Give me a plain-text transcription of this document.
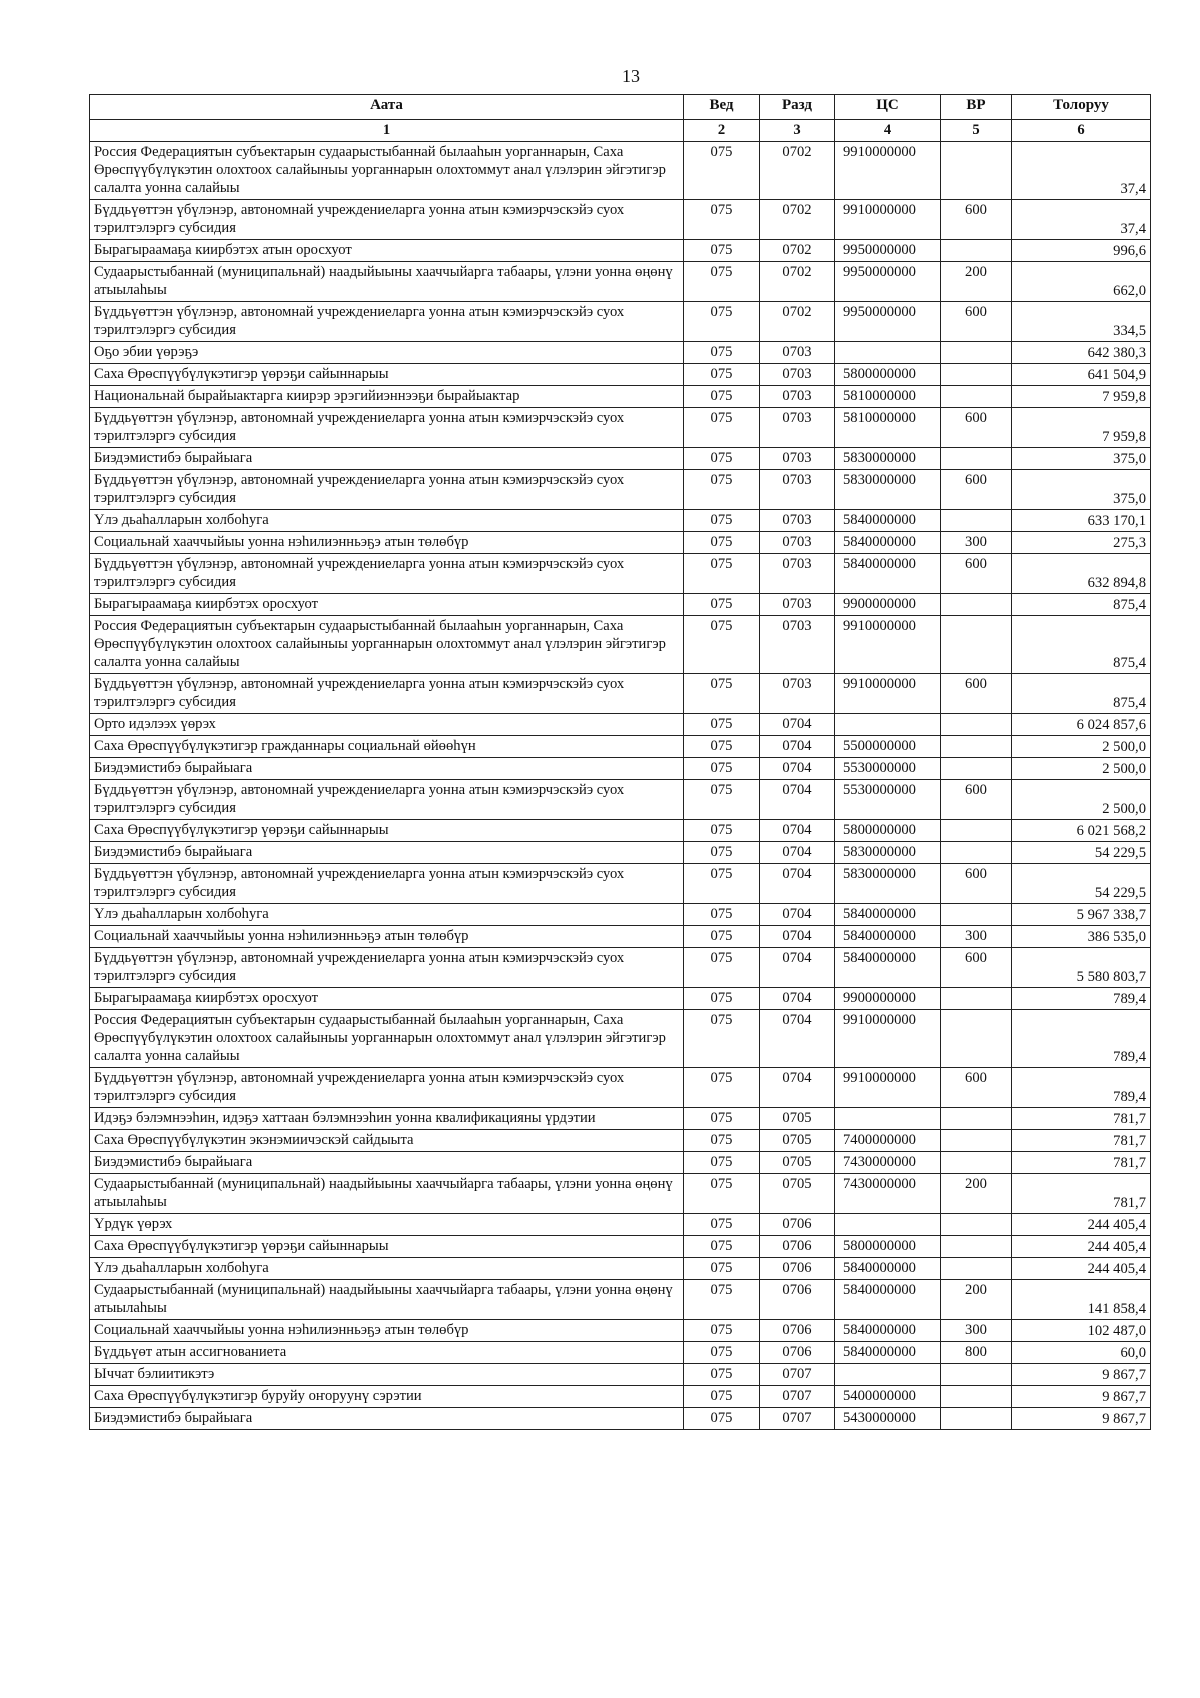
13
Аата	Вед	Разд	ЦС	ВР	Толоруу
1	2	3	4	5	6
Россия Федерациятын субъектарын судаарыстыбаннай былааһын уорганнарын, Саха Өрөспүүбүлүкэтин олохтоох салайыныы уорганнарын олохтоммут анал үлэлэрин эйгэтигэр салалта уонна салайыы	075	0702	9910000000		37,4
Бүддьүөттэн үбүлэнэр, автономнай учреждениеларга уонна атын кэмиэрчэскэйэ суох тэрилтэлэргэ субсидия	075	0702	9910000000	600	37,4
Бырагыраамаҕа киирбэтэх атын оросхуот	075	0702	9950000000		996,6
Судаарыстыбаннай (муниципальнай) наадыйыыны хааччыйарга табаары, үлэни уонна өңөнү атыылаһыы	075	0702	9950000000	200	662,0
Бүддьүөттэн үбүлэнэр, автономнай учреждениеларга уонна атын кэмиэрчэскэйэ суох тэрилтэлэргэ субсидия	075	0702	9950000000	600	334,5
Оҕо эбии үөрэҕэ	075	0703			642 380,3
Саха Өрөспүүбүлүкэтигэр үөрэҕи сайыннарыы	075	0703	5800000000		641 504,9
Национальнай бырайыактарга киирэр эрэгийиэннээҕи бырайыактар	075	0703	5810000000		7 959,8
Бүддьүөттэн үбүлэнэр, автономнай учреждениеларга уонна атын кэмиэрчэскэйэ суох тэрилтэлэргэ субсидия	075	0703	5810000000	600	7 959,8
Биэдэмистибэ бырайыага	075	0703	5830000000		375,0
Бүддьүөттэн үбүлэнэр, автономнай учреждениеларга уонна атын кэмиэрчэскэйэ суох тэрилтэлэргэ субсидия	075	0703	5830000000	600	375,0
Үлэ дьаһалларын холбоһуга	075	0703	5840000000		633 170,1
Социальнай хааччыйыы уонна нэһилиэнньэҕэ атын төлөбүр	075	0703	5840000000	300	275,3
Бүддьүөттэн үбүлэнэр, автономнай учреждениеларга уонна атын кэмиэрчэскэйэ суох тэрилтэлэргэ субсидия	075	0703	5840000000	600	632 894,8
Бырагыраамаҕа киирбэтэх оросхуот	075	0703	9900000000		875,4
Россия Федерациятын субъектарын судаарыстыбаннай былааһын уорганнарын, Саха Өрөспүүбүлүкэтин олохтоох салайыныы уорганнарын олохтоммут анал үлэлэрин эйгэтигэр салалта уонна салайыы	075	0703	9910000000		875,4
Бүддьүөттэн үбүлэнэр, автономнай учреждениеларга уонна атын кэмиэрчэскэйэ суох тэрилтэлэргэ субсидия	075	0703	9910000000	600	875,4
Орто идэлээх үөрэх	075	0704			6 024 857,6
Саха Өрөспүүбүлүкэтигэр гражданнары социальнай өйөөһүн	075	0704	5500000000		2 500,0
Биэдэмистибэ бырайыага	075	0704	5530000000		2 500,0
Бүддьүөттэн үбүлэнэр, автономнай учреждениеларга уонна атын кэмиэрчэскэйэ суох тэрилтэлэргэ субсидия	075	0704	5530000000	600	2 500,0
Саха Өрөспүүбүлүкэтигэр үөрэҕи сайыннарыы	075	0704	5800000000		6 021 568,2
Биэдэмистибэ бырайыага	075	0704	5830000000		54 229,5
Бүддьүөттэн үбүлэнэр, автономнай учреждениеларга уонна атын кэмиэрчэскэйэ суох тэрилтэлэргэ субсидия	075	0704	5830000000	600	54 229,5
Үлэ дьаһалларын холбоһуга	075	0704	5840000000		5 967 338,7
Социальнай хааччыйыы уонна нэһилиэнньэҕэ атын төлөбүр	075	0704	5840000000	300	386 535,0
Бүддьүөттэн үбүлэнэр, автономнай учреждениеларга уонна атын кэмиэрчэскэйэ суох тэрилтэлэргэ субсидия	075	0704	5840000000	600	5 580 803,7
Бырагыраамаҕа киирбэтэх оросхуот	075	0704	9900000000		789,4
Россия Федерациятын субъектарын судаарыстыбаннай былааһын уорганнарын, Саха Өрөспүүбүлүкэтин олохтоох салайыныы уорганнарын олохтоммут анал үлэлэрин эйгэтигэр салалта уонна салайыы	075	0704	9910000000		789,4
Бүддьүөттэн үбүлэнэр, автономнай учреждениеларга уонна атын кэмиэрчэскэйэ суох тэрилтэлэргэ субсидия	075	0704	9910000000	600	789,4
Идэҕэ бэлэмнээһин, идэҕэ хаттаан бэлэмнээһин уонна квалификацияны үрдэтии	075	0705			781,7
Саха Өрөспүүбүлүкэтин экэнэмиичэскэй сайдыыта	075	0705	7400000000		781,7
Биэдэмистибэ бырайыага	075	0705	7430000000		781,7
Судаарыстыбаннай (муниципальнай) наадыйыыны хааччыйарга табаары, үлэни уонна өңөнү атыылаһыы	075	0705	7430000000	200	781,7
Үрдүк үөрэх	075	0706			244 405,4
Саха Өрөспүүбүлүкэтигэр үөрэҕи сайыннарыы	075	0706	5800000000		244 405,4
Үлэ дьаһалларын холбоһуга	075	0706	5840000000		244 405,4
Судаарыстыбаннай (муниципальнай) наадыйыыны хааччыйарга табаары, үлэни уонна өңөнү атыылаһыы	075	0706	5840000000	200	141 858,4
Социальнай хааччыйыы уонна нэһилиэнньэҕэ атын төлөбүр	075	0706	5840000000	300	102 487,0
Бүддьүөт атын ассигнованиета	075	0706	5840000000	800	60,0
Ыччат бэлиитикэтэ	075	0707			9 867,7
Саха Өрөспүүбүлүкэтигэр буруйу оҥоруунү сэрэтии	075	0707	5400000000		9 867,7
Биэдэмистибэ бырайыага	075	0707	5430000000		9 867,7
